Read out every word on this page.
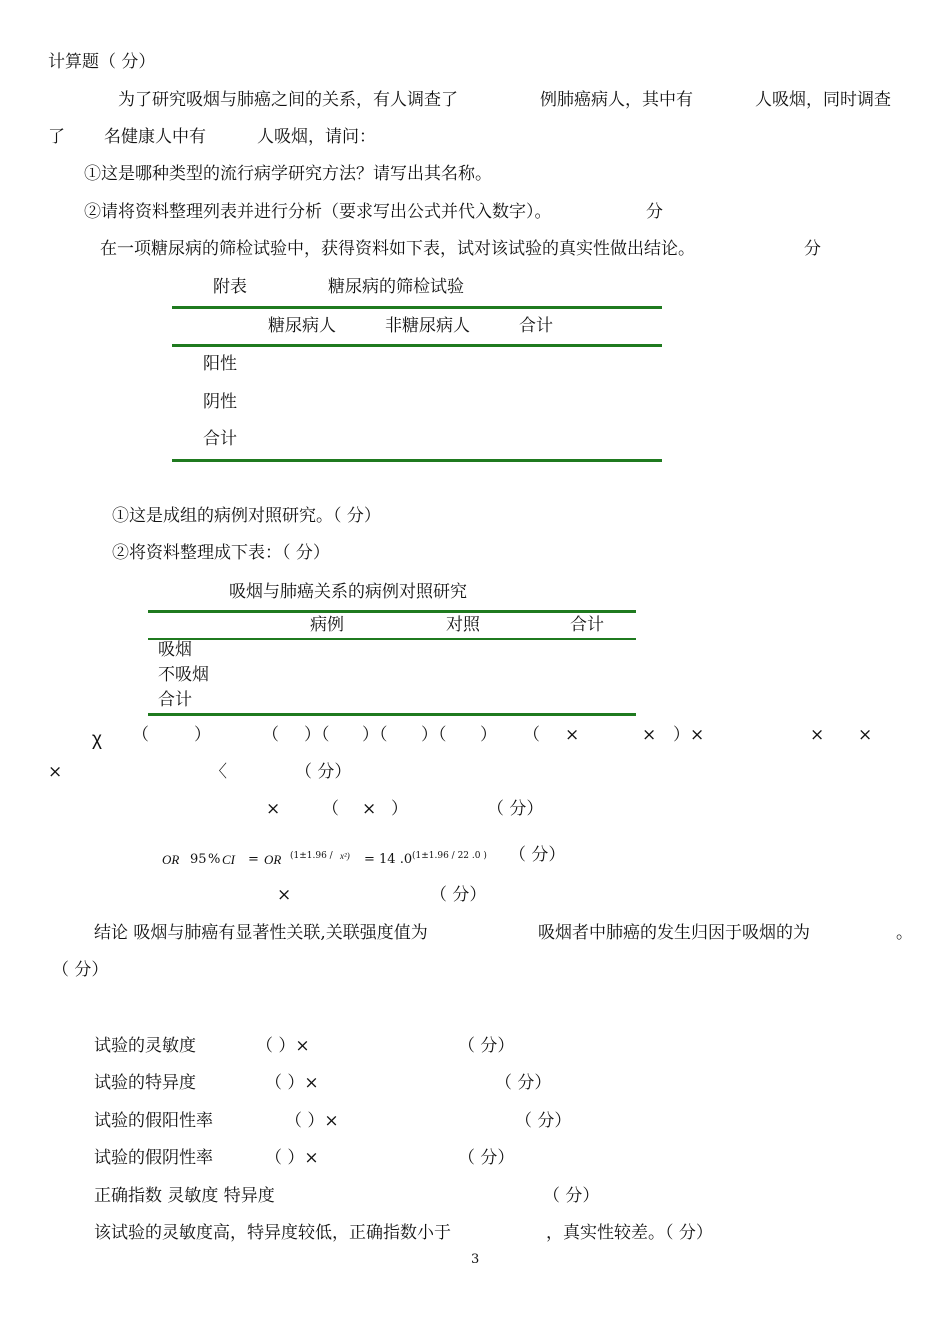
计算题（ 分）
为了研究吸烟与肺癌之间的关系，有人调查了	例肺癌病人，其中有	人吸烟，同时调查
了 名健康人中有	人吸烟，请问：
①这是哪种类型的流行病学研究方法？请写出其名称。
②请将资料整理列表并进行分析（要求写出公式并代入数字）。	分
在一项糖尿病的筛检试验中，获得资料如下表，试对该试验的真实性做出结论。	分
附表	糖尿病的筛检试验
糖尿病人	非糖尿病人	合计
阳性
阴性
合计
①这是成组的病例对照研究。（ 分）
②将资料整理成下表：（ 分）
吸烟与肺癌关系的病例对照研究
病例	对照	合计
吸烟
不吸烟
合计
χ （	）	（ ）（ ）（ ）（ ） （ ×	× ）×	× ×
×	〈	（ 分）
× （ × ）	（ 分）
OR 95 % CI = OR (1±1.96 / x²) = 14 .0 (1±1.96 / 22 .0 ) （ 分）
×	（ 分）
结论 吸烟与肺癌有显著性关联,关联强度值为	吸烟者中肺癌的发生归因于吸烟的为	。
（ 分）
试验的灵敏度	（ ）×	（ 分）
试验的特异度	（ ）×	（ 分）
试验的假阳性率	（ ）×	（ 分）
试验的假阴性率	（ ）×	（ 分）
正确指数 灵敏度 特异度	（ 分）
该试验的灵敏度高，特异度较低，正确指数小于	，真实性较差。（ 分）
3
